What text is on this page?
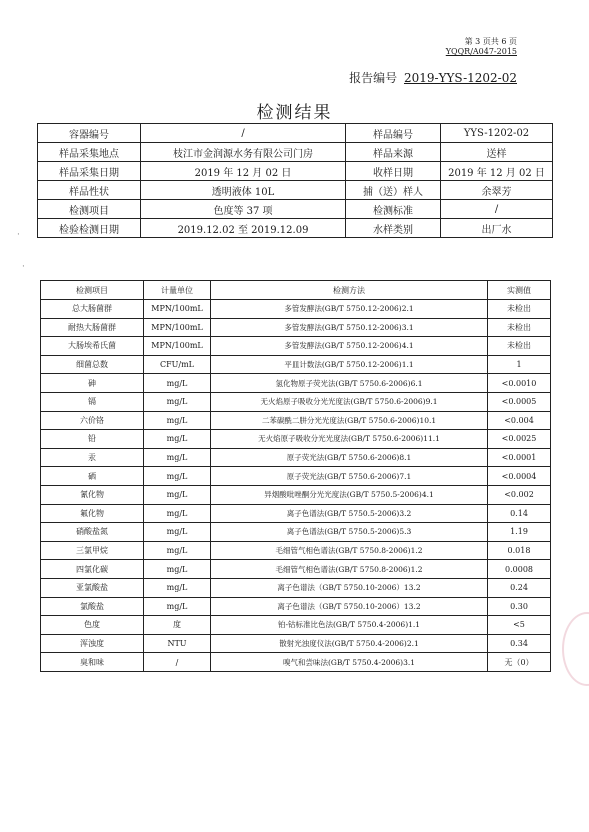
第 3 页共 6 页
YQQR/A047-2015
报告编号 2019-YYS-1202-02
检测结果
容器编号	/	样品编号	YYS-1202-02
样品采集地点	枝江市金润源水务有限公司门房	样品来源	送样
样品采集日期	2019 年 12 月 02 日	收样日期	2019 年 12 月 02 日
样品性状	透明液体 10L	捕（送）样人	余翠芳
检测项目	色度等 37 项	检测标准	/
检验检测日期	2019.12.02 至 2019.12.09	水样类别	出厂水
检测项目	计量单位	检测方法	实测值
总大肠菌群	MPN/100mL	多管发酵法(GB/T 5750.12-2006)2.1	未检出
耐热大肠菌群	MPN/100mL	多管发酵法(GB/T 5750.12-2006)3.1	未检出
大肠埃希氏菌	MPN/100mL	多管发酵法(GB/T 5750.12-2006)4.1	未检出
细菌总数	CFU/mL	平皿计数法(GB/T 5750.12-2006)1.1	1
砷	mg/L	氢化物原子荧光法(GB/T 5750.6-2006)6.1	<0.0010
镉	mg/L	无火焰原子吸收分光光度法(GB/T 5750.6-2006)9.1	<0.0005
六价铬	mg/L	二苯碳酰二肼分光光度法(GB/T 5750.6-2006)10.1	<0.004
铅	mg/L	无火焰原子吸收分光光度法(GB/T 5750.6-2006)11.1	<0.0025
汞	mg/L	原子荧光法(GB/T 5750.6-2006)8.1	<0.0001
硒	mg/L	原子荧光法(GB/T 5750.6-2006)7.1	<0.0004
氰化物	mg/L	异烟酸吡唑酮分光光度法(GB/T 5750.5-2006)4.1	<0.002
氟化物	mg/L	离子色谱法(GB/T 5750.5-2006)3.2	0.14
硝酸盐氮	mg/L	离子色谱法(GB/T 5750.5-2006)5.3	1.19
三氯甲烷	mg/L	毛细管气相色谱法(GB/T 5750.8-2006)1.2	0.018
四氯化碳	mg/L	毛细管气相色谱法(GB/T 5750.8-2006)1.2	0.0008
亚氯酸盐	mg/L	离子色谱法（GB/T 5750.10-2006）13.2	0.24
氯酸盐	mg/L	离子色谱法（GB/T 5750.10-2006）13.2	0.30
色度	度	铂-钴标准比色法(GB/T 5750.4-2006)1.1	<5
浑浊度	NTU	散射光浊度仪法(GB/T 5750.4-2006)2.1	0.34
臭和味	/	嗅气和尝味法(GB/T 5750.4-2006)3.1	无（0）
·
·
